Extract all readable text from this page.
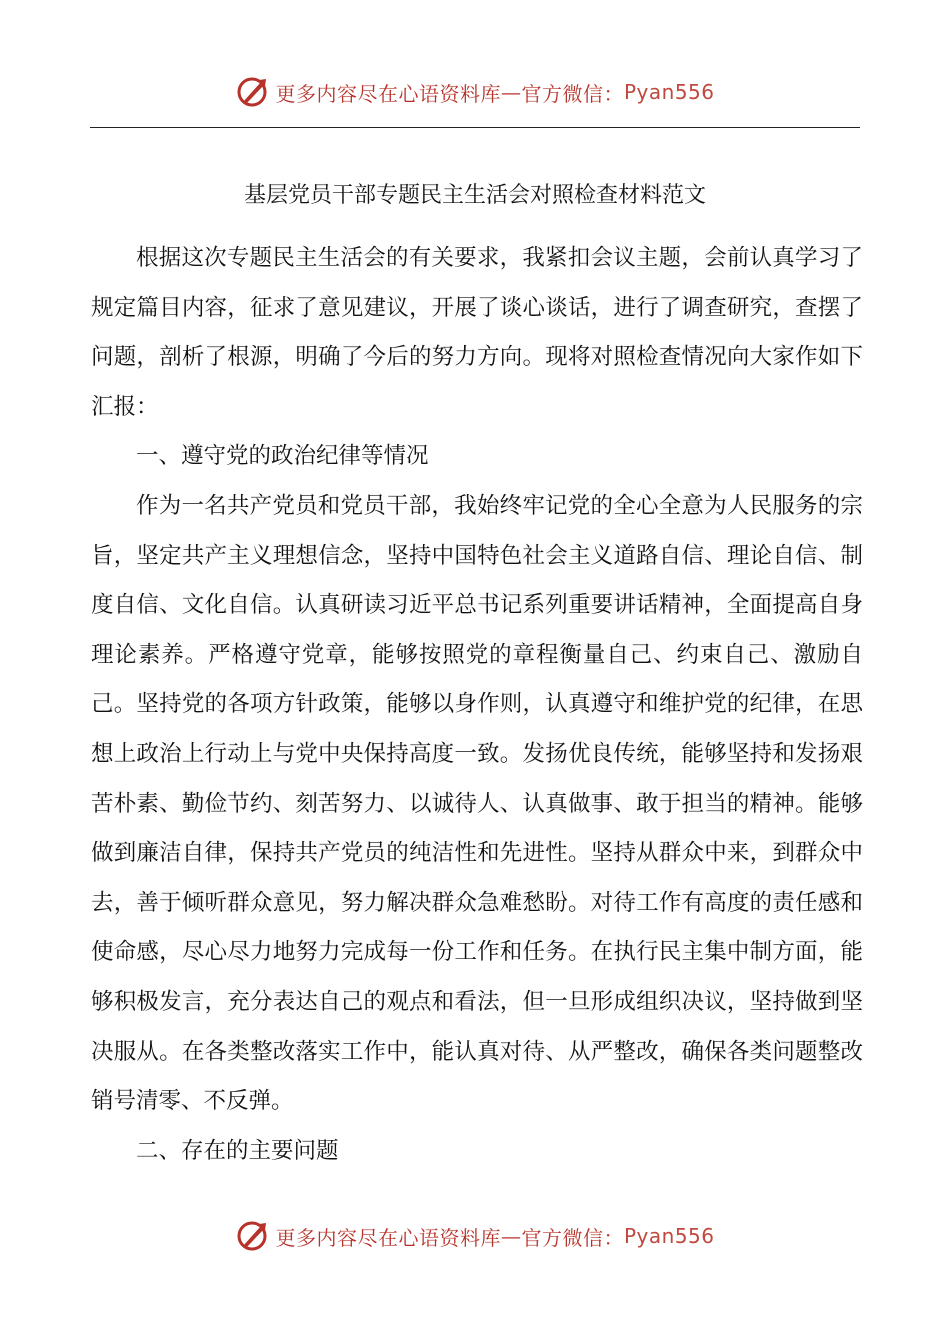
更多内容尽在心语资料库 — 官方微信： Pyan556
基层党员干部专题民主生活会对照检查材料范文

根据这次专题民主生活会的有关要求，我紧扣会议主题，会前认真学习了规定篇目内容，征求了意见建议，开展了谈心谈话，进行了调查研究，查摆了问题，剖析了根源，明确了今后的努力方向。现将对照检查情况向大家作如下汇报：

一、遵守党的政治纪律等情况

作为一名共产党员和党员干部，我始终牢记党的全心全意为人民服务的宗旨，坚定共产主义理想信念，坚持中国特色社会主义道路自信、理论自信、制度自信、文化自信。认真研读习近平总书记系列重要讲话精神，全面提高自身理论素养。严格遵守党章，能够按照党的章程衡量自己、约束自己、激励自己。坚持党的各项方针政策，能够以身作则，认真遵守和维护党的纪律，在思想上政治上行动上与党中央保持高度一致。发扬优良传统，能够坚持和发扬艰苦朴素、勤俭节约、刻苦努力、以诚待人、认真做事、敢于担当的精神。能够做到廉洁自律，保持共产党员的纯洁性和先进性。坚持从群众中来，到群众中去，善于倾听群众意见，努力解决群众急难愁盼。对待工作有高度的责任感和使命感，尽心尽力地努力完成每一份工作和任务。在执行民主集中制方面，能够积极发言，充分表达自己的观点和看法，但一旦形成组织决议，坚持做到坚决服从。在各类整改落实工作中，能认真对待、从严整改，确保各类问题整改销号清零、不反弹。

二、存在的主要问题

更多内容尽在心语资料库 — 官方微信： Pyan556
